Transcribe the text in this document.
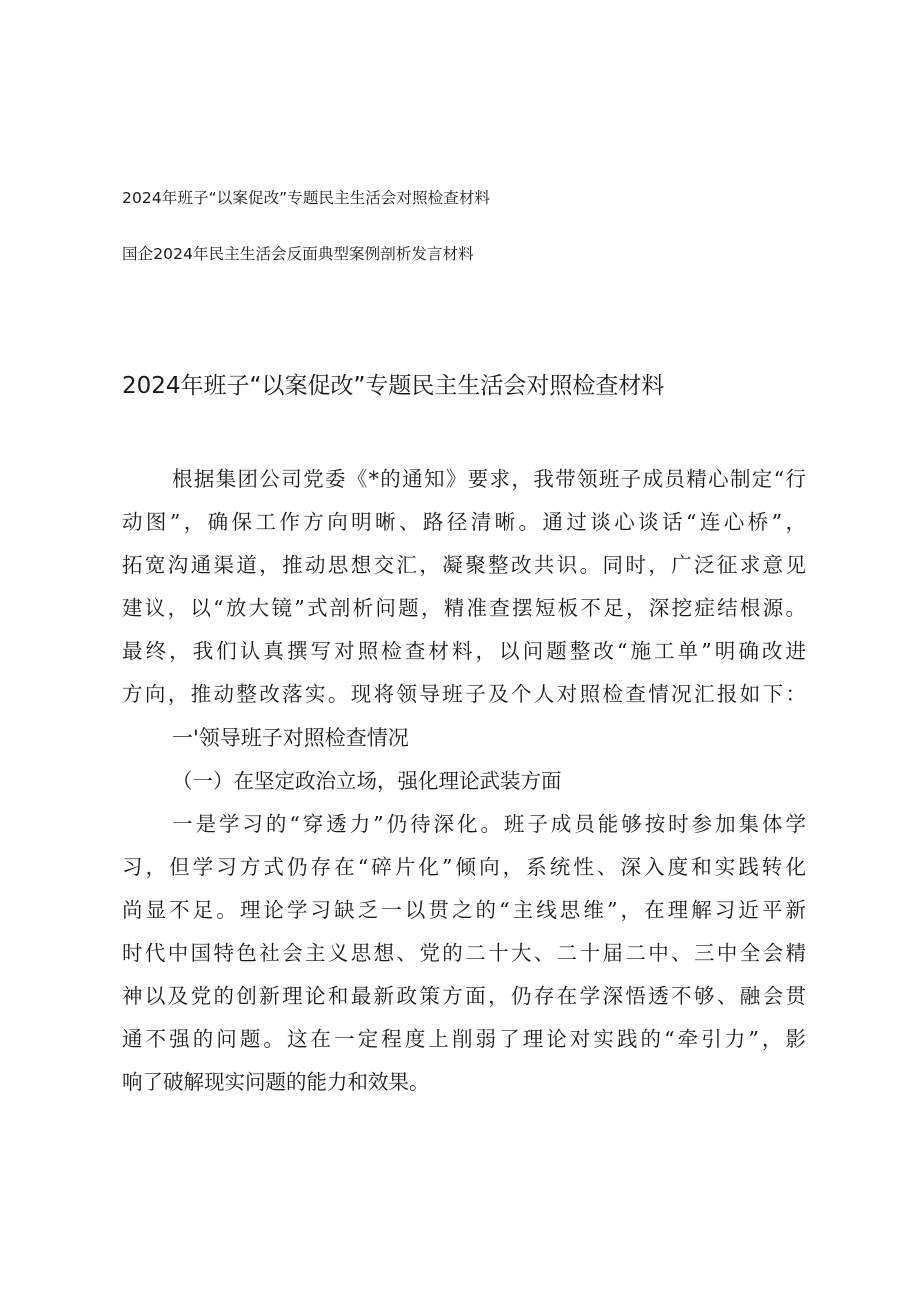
2024年班子“以案促改”专题民主生活会对照检查材料
国企2024年民主生活会反面典型案例剖析发言材料
2024年班子“以案促改”专题民主生活会对照检查材料
根据集团公司党委《*的通知》要求，我带领班子成员精心制定“行
动图”，确保工作方向明晰、路径清晰。通过谈心谈话“连心桥”，
拓宽沟通渠道，推动思想交汇，凝聚整改共识。同时，广泛征求意见
建议，以“放大镜”式剖析问题，精准查摆短板不足，深挖症结根源。
最终，我们认真撰写对照检查材料，以问题整改“施工单”明确改进
方向，推动整改落实。现将领导班子及个人对照检查情况汇报如下：
一'领导班子对照检查情况
（一）在坚定政治立场，强化理论武装方面
一是学习的“穿透力”仍待深化。班子成员能够按时参加集体学
习，但学习方式仍存在“碎片化”倾向，系统性、深入度和实践转化
尚显不足。理论学习缺乏一以贯之的“主线思维”，在理解习近平新
时代中国特色社会主义思想、党的二十大、二十届二中、三中全会精
神以及党的创新理论和最新政策方面，仍存在学深悟透不够、融会贯
通不强的问题。这在一定程度上削弱了理论对实践的“牵引力”，影
响了破解现实问题的能力和效果。
